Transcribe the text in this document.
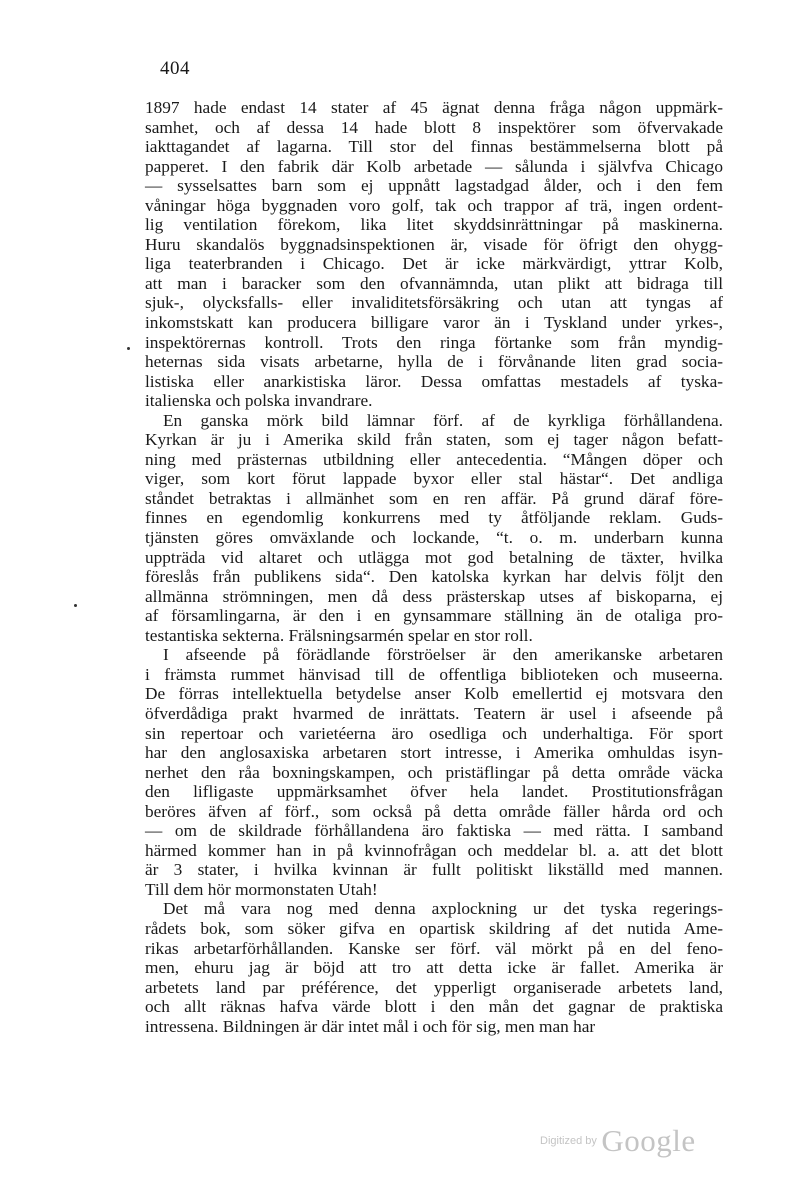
404
1897 hade endast 14 stater af 45 ägnat denna fråga någon uppmärk-
samhet, och af dessa 14 hade blott 8 inspektörer som öfvervakade
iakttagandet af lagarna. Till stor del finnas bestämmelserna blott på
papperet. I den fabrik där Kolb arbetade — sålunda i självfva Chicago
— sysselsattes barn som ej uppnått lagstadgad ålder, och i den fem
våningar höga byggnaden voro golf, tak och trappor af trä, ingen ordent-
lig ventilation förekom, lika litet skyddsinrättningar på maskinerna.
Huru skandalös byggnadsinspektionen är, visade för öfrigt den ohygg-
liga teaterbranden i Chicago. Det är icke märkvärdigt, yttrar Kolb,
att man i baracker som den ofvannämnda, utan plikt att bidraga till
sjuk-, olycksfalls- eller invaliditetsförsäkring och utan att tyngas af
inkomstskatt kan producera billigare varor än i Tyskland under yrkes-,
inspektörernas kontroll. Trots den ringa förtanke som från myndig-
heternas sida visats arbetarne, hylla de i förvånande liten grad socia-
listiska eller anarkistiska läror. Dessa omfattas mestadels af tyska-
italienska och polska invandrare.
En ganska mörk bild lämnar förf. af de kyrkliga förhållandena.
Kyrkan är ju i Amerika skild från staten, som ej tager någon befatt-
ning med prästernas utbildning eller antecedentia. “Mången döper och
viger, som kort förut lappade byxor eller stal hästar“. Det andliga
ståndet betraktas i allmänhet som en ren affär. På grund däraf före-
finnes en egendomlig konkurrens med ty åtföljande reklam. Guds-
tjänsten göres omväxlande och lockande, “t. o. m. underbarn kunna
uppträda vid altaret och utlägga mot god betalning de täxter, hvilka
föreslås från publikens sida“. Den katolska kyrkan har delvis följt den
allmänna strömningen, men då dess prästerskap utses af biskoparna, ej
af församlingarna, är den i en gynsammare ställning än de otaliga pro-
testantiska sekterna. Frälsningsarmén spelar en stor roll.
I afseende på förädlande förströelser är den amerikanske arbetaren
i främsta rummet hänvisad till de offentliga biblioteken och museerna.
De förras intellektuella betydelse anser Kolb emellertid ej motsvara den
öfverdådiga prakt hvarmed de inrättats. Teatern är usel i afseende på
sin repertoar och varietéerna äro osedliga och underhaltiga. För sport
har den anglosaxiska arbetaren stort intresse, i Amerika omhuldas isyn-
nerhet den råa boxningskampen, och pristäflingar på detta område väcka
den lifligaste uppmärksamhet öfver hela landet. Prostitutionsfrågan
beröres äfven af förf., som också på detta område fäller hårda ord och
— om de skildrade förhållandena äro faktiska — med rätta. I samband
härmed kommer han in på kvinnofrågan och meddelar bl. a. att det blott
är 3 stater, i hvilka kvinnan är fullt politiskt likställd med mannen.
Till dem hör mormonstaten Utah!
Det må vara nog med denna axplockning ur det tyska regerings-
rådets bok, som söker gifva en opartisk skildring af det nutida Ame-
rikas arbetarförhållanden. Kanske ser förf. väl mörkt på en del feno-
men, ehuru jag är böjd att tro att detta icke är fallet. Amerika är
arbetets land par préférence, det ypperligt organiserade arbetets land,
och allt räknas hafva värde blott i den mån det gagnar de praktiska
intressena. Bildningen är där intet mål i och för sig, men man har
Digitized by Google
